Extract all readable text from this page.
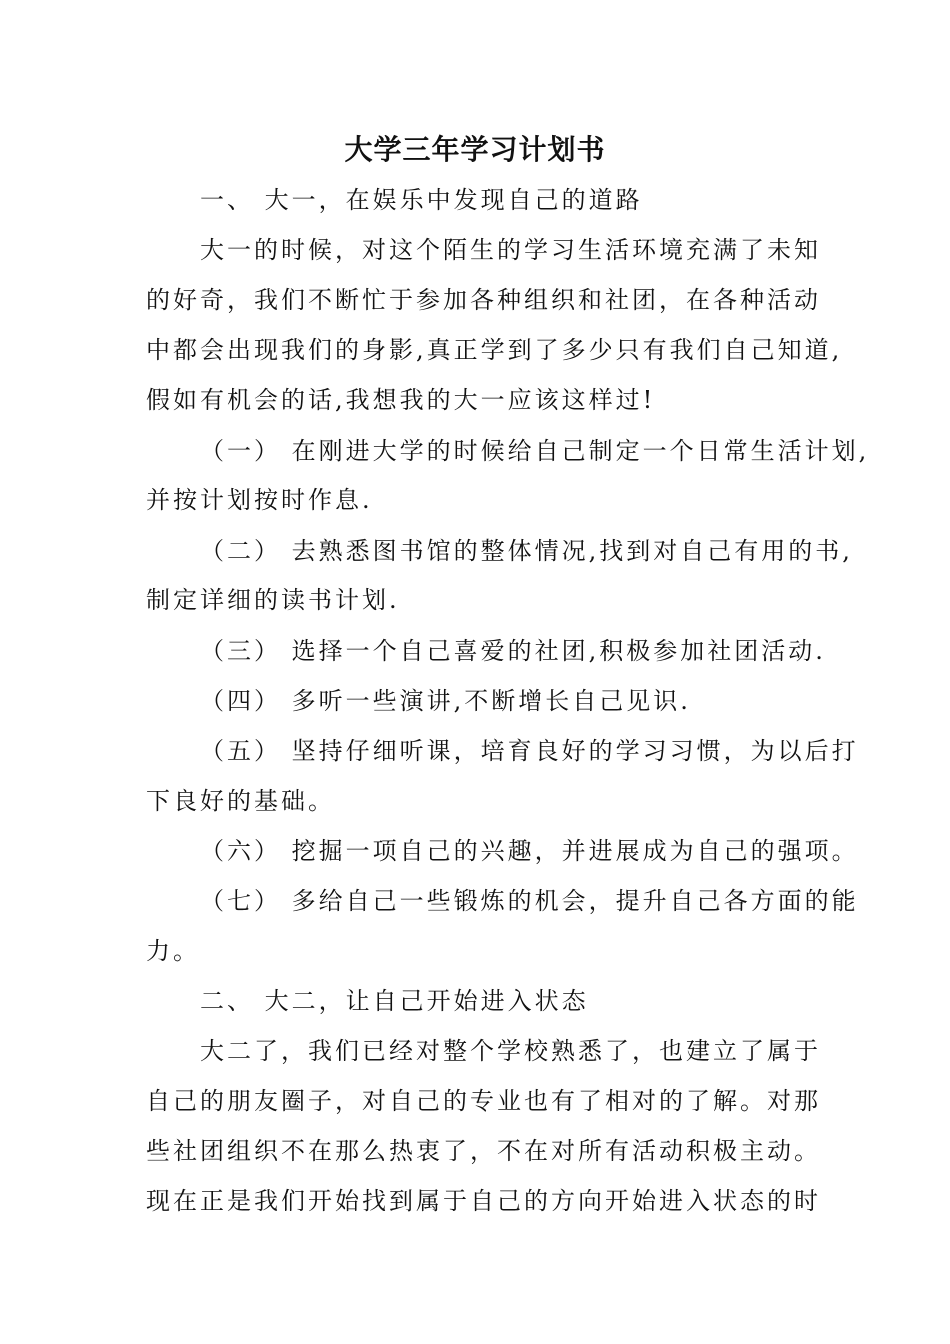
大学三年学习计划书
一、 大一，在娱乐中发现自己的道路
大一的时候，对这个陌生的学习生活环境充满了未知
的好奇，我们不断忙于参加各种组织和社团，在各种活动
中都会出现我们的身影,真正学到了多少只有我们自己知道,
假如有机会的话,我想我的大一应该这样过!
（一） 在刚进大学的时候给自己制定一个日常生活计划,
并按计划按时作息.
（二） 去熟悉图书馆的整体情况,找到对自己有用的书,
制定详细的读书计划.
（三） 选择一个自己喜爱的社团,积极参加社团活动.
（四） 多听一些演讲,不断增长自己见识.
（五） 坚持仔细听课，培育良好的学习习惯，为以后打
下良好的基础。
（六） 挖掘一项自己的兴趣，并进展成为自己的强项。
（七） 多给自己一些锻炼的机会，提升自己各方面的能
力。
二、 大二，让自己开始进入状态
大二了，我们已经对整个学校熟悉了，也建立了属于
自己的朋友圈子，对自己的专业也有了相对的了解。对那
些社团组织不在那么热衷了，不在对所有活动积极主动。
现在正是我们开始找到属于自己的方向开始进入状态的时
